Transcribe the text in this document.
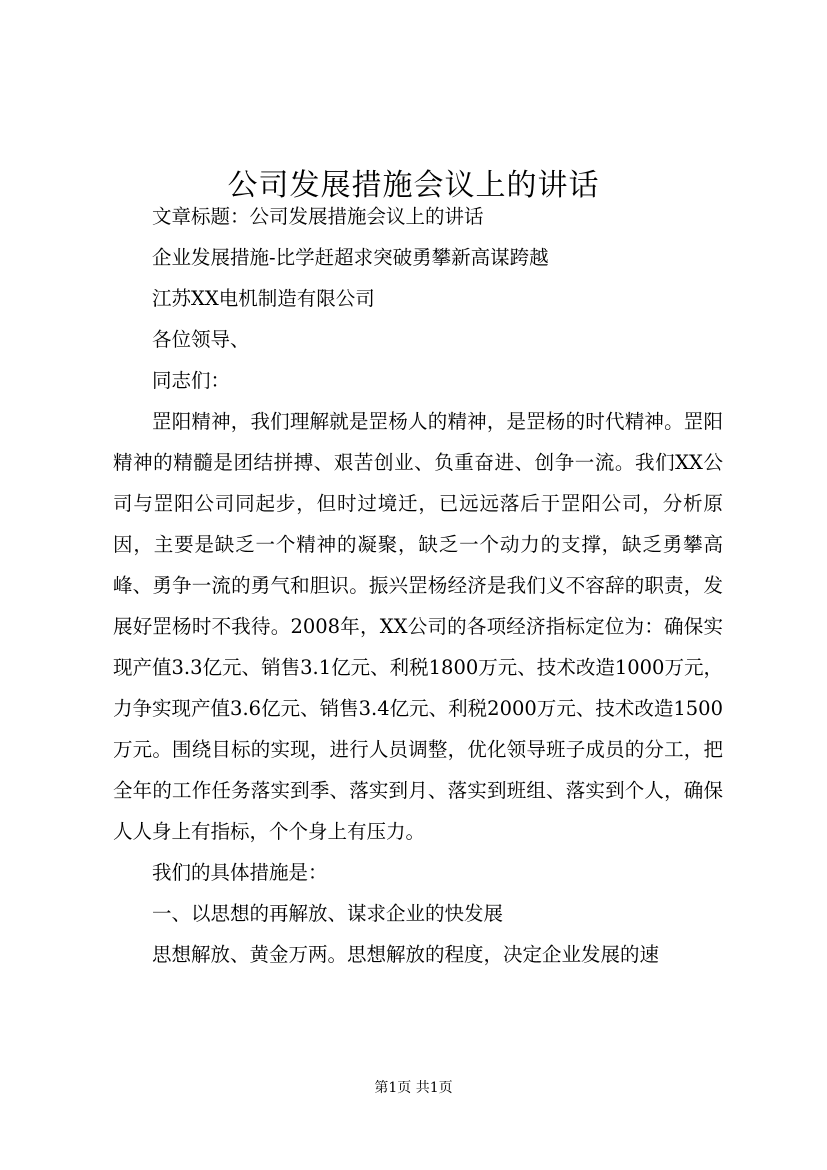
公司发展措施会议上的讲话

文章标题：公司发展措施会议上的讲话

企业发展措施-比学赶超求突破勇攀新高谋跨越

江苏XX电机制造有限公司

各位领导、

同志们：

罡阳精神，我们理解就是罡杨人的精神，是罡杨的时代精神。罡阳精神的精髓是团结拼搏、艰苦创业、负重奋进、创争一流。我们XX公司与罡阳公司同起步，但时过境迁，已远远落后于罡阳公司，分析原因，主要是缺乏一个精神的凝聚，缺乏一个动力的支撑，缺乏勇攀高峰、勇争一流的勇气和胆识。振兴罡杨经济是我们义不容辞的职责，发展好罡杨时不我待。2008年，XX公司的各项经济指标定位为：确保实现产值3.3亿元、销售3.1亿元、利税1800万元、技术改造1000万元，力争实现产值3.6亿元、销售3.4亿元、利税2000万元、技术改造1500万元。围绕目标的实现，进行人员调整，优化领导班子成员的分工，把全年的工作任务落实到季、落实到月、落实到班组、落实到个人，确保人人身上有指标，个个身上有压力。

我们的具体措施是：

一、以思想的再解放、谋求企业的快发展

思想解放、黄金万两。思想解放的程度，决定企业发展的速

第1页 共1页
